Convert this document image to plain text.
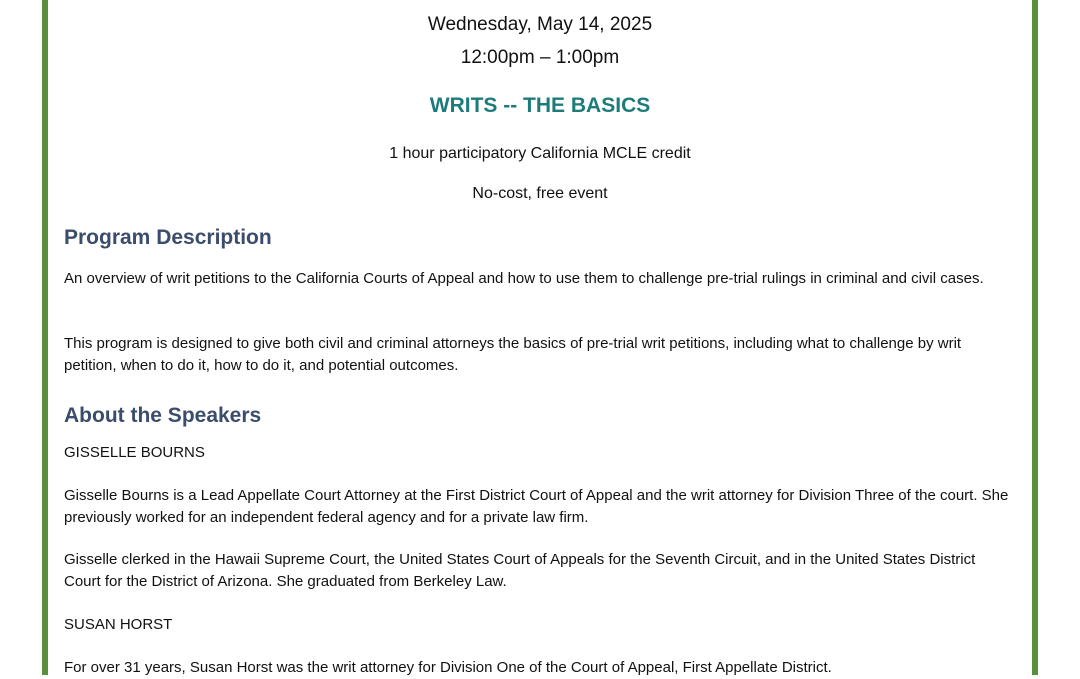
Wednesday, May 14, 2025
12:00pm – 1:00pm
WRITS -- THE BASICS
1 hour participatory California MCLE credit
No-cost, free event
Program Description
An overview of writ petitions to the California Courts of Appeal and how to use them to challenge pre-trial rulings in criminal and civil cases.
This program is designed to give both civil and criminal attorneys the basics of pre-trial writ petitions, including what to challenge by writ petition, when to do it, how to do it, and potential outcomes.
About the Speakers
GISSELLE BOURNS
Gisselle Bourns is a Lead Appellate Court Attorney at the First District Court of Appeal and the writ attorney for Division Three of the court. She previously worked for an independent federal agency and for a private law firm.
Gisselle clerked in the Hawaii Supreme Court, the United States Court of Appeals for the Seventh Circuit, and in the United States District Court for the District of Arizona. She graduated from Berkeley Law.
SUSAN HORST
For over 31 years, Susan Horst was the writ attorney for Division One of the Court of Appeal, First Appellate District.
